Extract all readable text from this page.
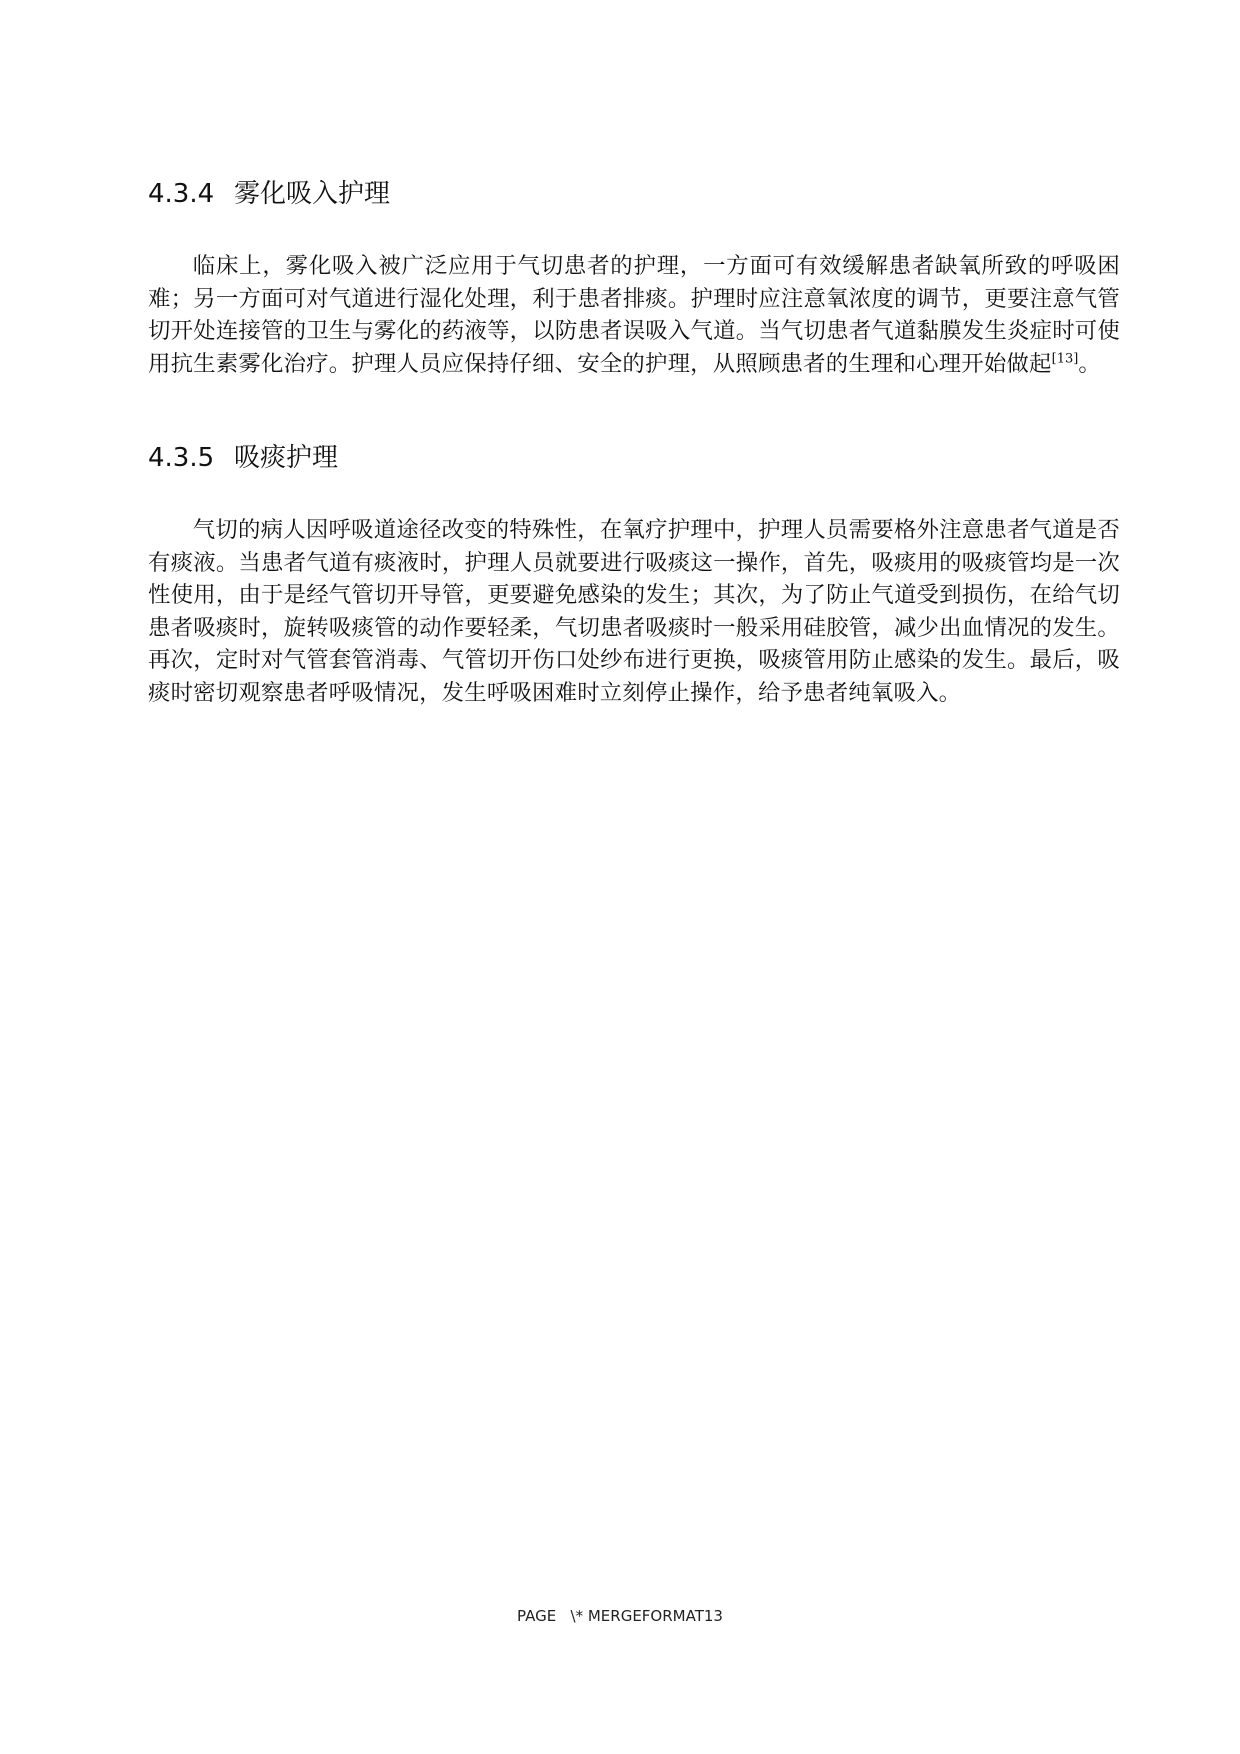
4.3.4 雾化吸入护理

临床上，雾化吸入被广泛应用于气切患者的护理，一方面可有效缓解患者缺氧所致的呼吸困难；另一方面可对气道进行湿化处理，利于患者排痰。护理时应注意氧浓度的调节，更要注意气管切开处连接管的卫生与雾化的药液等，以防患者误吸入气道。当气切患者气道黏膜发生炎症时可使用抗生素雾化治疗。护理人员应保持仔细、安全的护理，从照顾患者的生理和心理开始做起[13]。

4.3.5 吸痰护理

气切的病人因呼吸道途径改变的特殊性，在氧疗护理中，护理人员需要格外注意患者气道是否有痰液。当患者气道有痰液时，护理人员就要进行吸痰这一操作，首先，吸痰用的吸痰管均是一次性使用，由于是经气管切开导管，更要避免感染的发生；其次，为了防止气道受到损伤，在给气切患者吸痰时，旋转吸痰管的动作要轻柔，气切患者吸痰时一般采用硅胶管，减少出血情况的发生。再次，定时对气管套管消毒、气管切开伤口处纱布进行更换，吸痰管用防止感染的发生。最后，吸痰时密切观察患者呼吸情况，发生呼吸困难时立刻停止操作，给予患者纯氧吸入。

PAGE   \* MERGEFORMAT13
